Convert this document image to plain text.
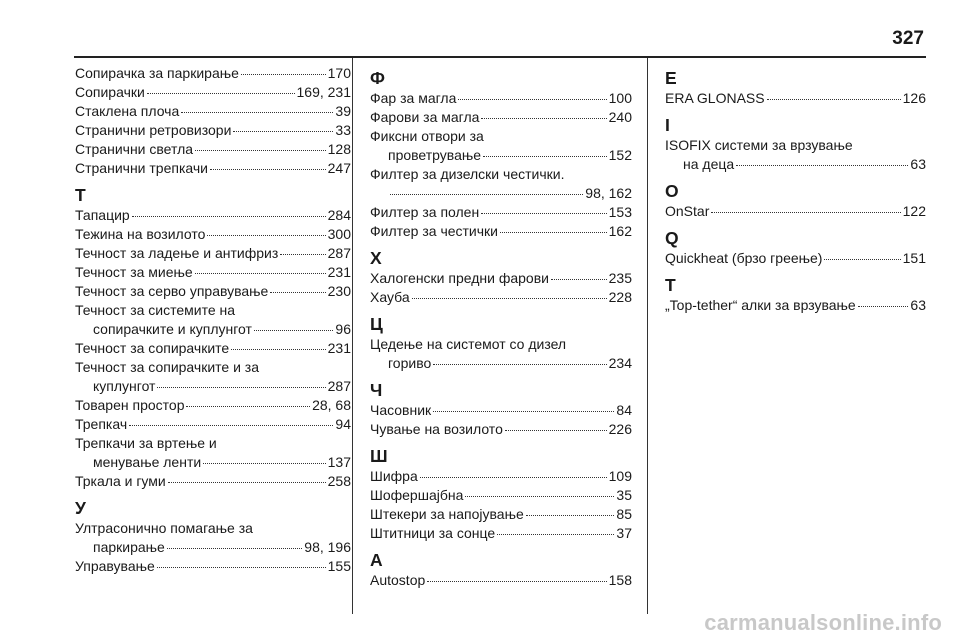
327
Сопирачка за паркирање	170
Сопирачки	169, 231
Стаклена плоча	39
Странични ретровизори	33
Странични светла	128
Странични трепкачи	247
Т
Тапацир	284
Тежина на возилото	300
Течност за ладење и антифриз	287
Течност за миење	231
Течност за серво управување	230
Течност за системите на
сопирачките и куплунгот	96
Течност за сопирачките	231
Течност за сопирачките и за
куплунгот	287
Товарен простор	28, 68
Трепкач	94
Трепкачи за вртење и
менување ленти	137
Тркала и гуми	258
У
Ултрасонично помагање за
паркирање	98, 196
Управување	155
Ф
Фар за магла	100
Фарови за магла	240
Фиксни отвори за
проветрување	152
Филтер за дизелски честички.
98, 162
Филтер за полен	153
Филтер за честички	162
Х
Халогенски предни фарови	235
Хауба	228
Ц
Цедење на системот со дизел
гориво	234
Ч
Часовник	84
Чување на возилото	226
Ш
Шифра	109
Шофершајбна	35
Штекери за напојување	85
Штитници за сонце	37
A
Autostop	158
E
ERA GLONASS	126
I
ISOFIX системи за врзување
на деца	63
O
OnStar	122
Q
Quickheat (брзо греење)	151
T
„Top-tether“ алки за врзување	63
carmanualsonline.info
